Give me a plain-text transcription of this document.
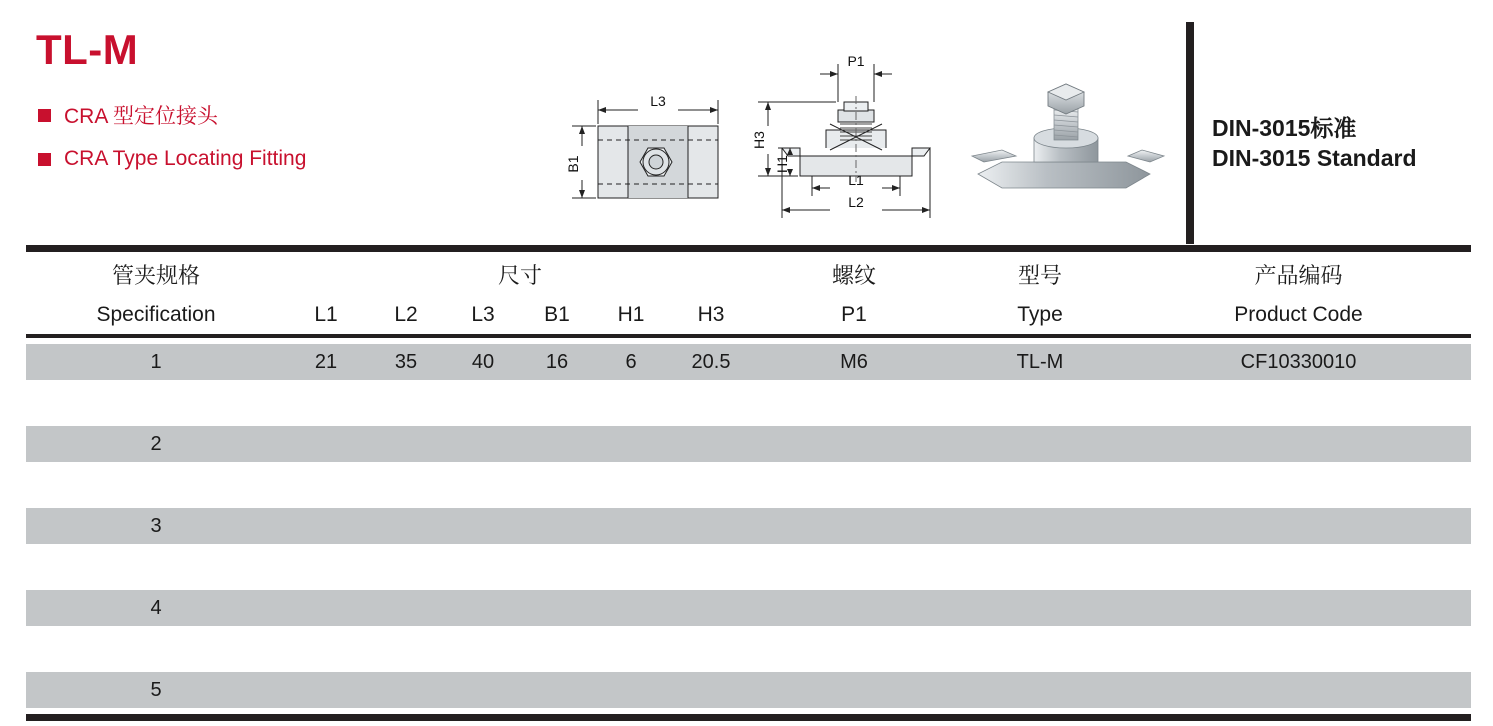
TL-M
CRA 型定位接头
CRA Type Locating Fitting
L3
B1
P1
H3
H1
L1
L2
DIN-3015标准
DIN-3015 Standard
管夹规格	尺寸	螺纹	型号	产品编码
Specification	L1	L2	L3	B1	H1	H3	P1	Type	Product Code
1	21	35	40	16	6	20.5	M6	TL-M	CF10330010
2
3
4
5
